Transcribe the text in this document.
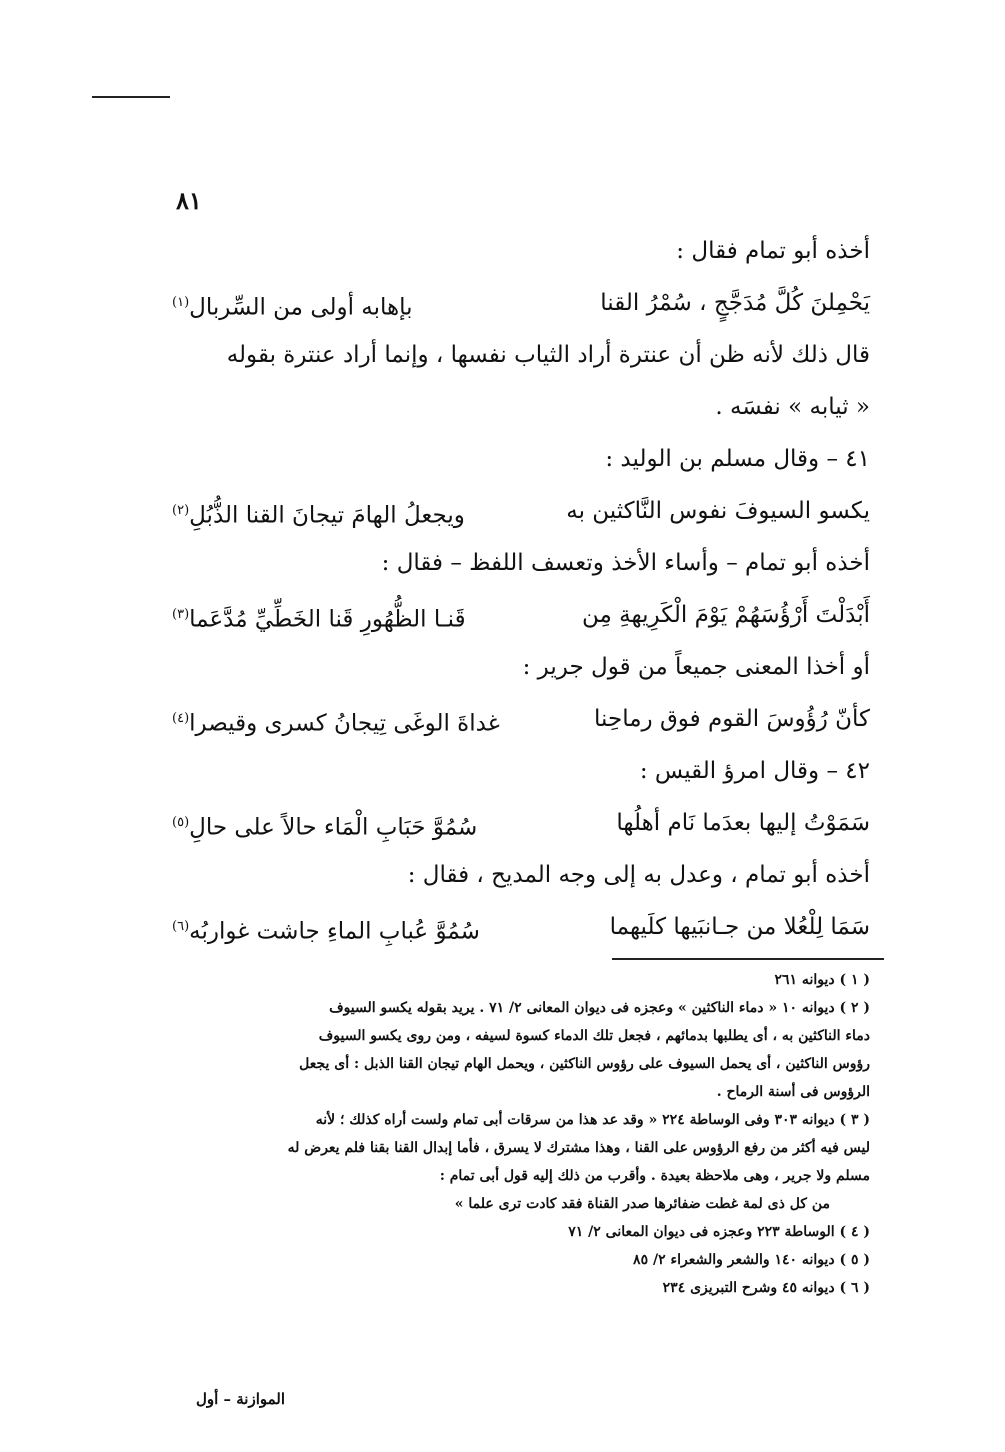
٨١
أخذه أبو تمام فقال :
يَحْمِلنَ كُلَّ مُدَجَّجٍ ، سُمْرُ القنا
بإهابه أولى من السِّربال$^{(١)}$
قال ذلك لأنه ظن أن عنترة أراد الثياب نفسها ، وإنما أراد عنترة بقوله
« ثيابه » نفسَه .
٤١ – وقال مسلم بن الوليد :
يكسو السيوفَ نفوس النَّاكثين به
ويجعلُ الهامَ تيجانَ القنا الذُّبُلِ$^{(٢)}$
أخذه أبو تمام – وأساء الأخذ وتعسف اللفظ – فقال :
أَبْدَلْتَ أَرْؤُسَهُمْ يَوْمَ الْكَرِيهةِ مِن
قَنـا الظُّهُورِ قَنا الخَطِّيِّ مُدَّعَما$^{(٣)}$
أو أخذا المعنى جميعاً من قول جرير :
كأنّ رُؤُوسَ القوم فوق رماحِنا
غداةَ الوغَى تِيجانُ كسرى وقيصرا$^{(٤)}$
٤٢ – وقال امرؤ القيس :
سَمَوْتُ إليها بعدَما نَام أهلُها
سُمُوَّ حَبَابِ الْمَاء حالاً على حالِ$^{(٥)}$
أخذه أبو تمام ، وعدل به إلى وجه المديح ، فقال :
سَمَا لِلْعُلا من جـانبَيها كلَيهما
سُمُوَّ عُبابِ الماءِ جاشت غواربُه$^{(٦)}$
( ١ ) ديوانه ٢٦١
( ٢ ) ديوانه ١٠ « دماء الناكثين » وعجزه فى ديوان المعانى ٢/ ٧١ . يريد بقوله يكسو السيوف
دماء الناكثين به ، أى يطلبها بدمائهم ، فجعل تلك الدماء كسوة لسيفه ، ومن روى يكسو السيوف
رؤوس الناكثين ، أى يحمل السيوف على رؤوس الناكثين ، ويحمل الهام تيجان القنا الذبل : أى يجعل
الرؤوس فى أسنة الرماح .
( ٣ ) ديوانه ٣٠٣ وفى الوساطة ٢٢٤ « وقد عد هذا من سرقات أبى تمام ولست أراه كذلك ؛ لأنه
ليس فيه أكثر من رفع الرؤوس على القنا ، وهذا مشترك لا يسرق ، فأما إبدال القنا بقنا فلم يعرض له
مسلم ولا جرير ، وهى ملاحظة بعيدة . وأقرب من ذلك إليه قول أبى تمام :
من كل ذى لمة غطت ضفائرها صدر القناة فقد كادت ترى علما »
( ٤ ) الوساطة ٢٢٣ وعجزه فى ديوان المعانى ٢/ ٧١
( ٥ ) ديوانه ١٤٠ والشعر والشعراء ٢/ ٨٥
( ٦ ) ديوانه ٤٥ وشرح التبريزى ٢٣٤
الموازنة – أول
